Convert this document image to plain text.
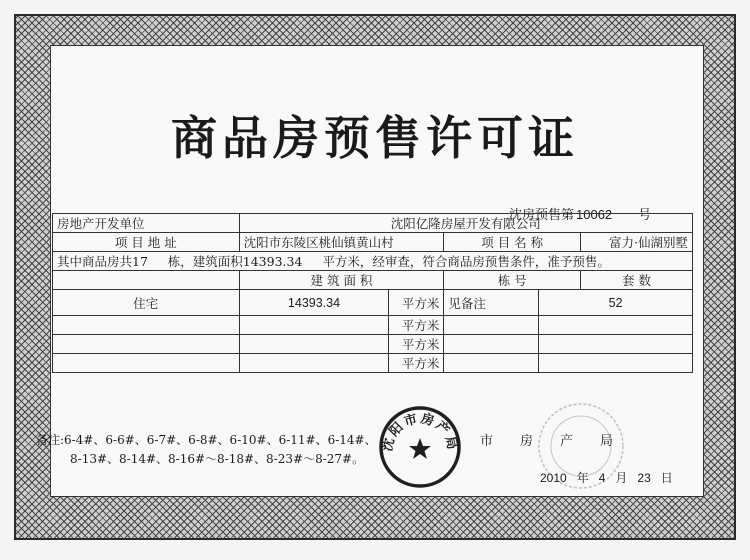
商品房预售许可证
沈房预售第 10062 号
房地产开发单位	沈阳亿隆房屋开发有限公司				
项 目 地 址	沈阳市东陵区桃仙镇黄山村		项 目 名 称		富力·仙湖别墅
其中商品房共17 栋，建筑面积14393.34 平方米，经审查，符合商品房预售条件，准予预售。					
	建 筑 面 积		栋 号		套 数
住宅	14393.34	平方米	见备注	52	
		平方米			
		平方米			
		平方米			
备注:6-4#、6-6#、6-7#、6-8#、6-10#、6-11#、6-14#、
8-13#、8-14#、8-16#～8-18#、8-23#～8-27#。
市房产局
2010 年 4 月 23 日
沈阳市房产局
